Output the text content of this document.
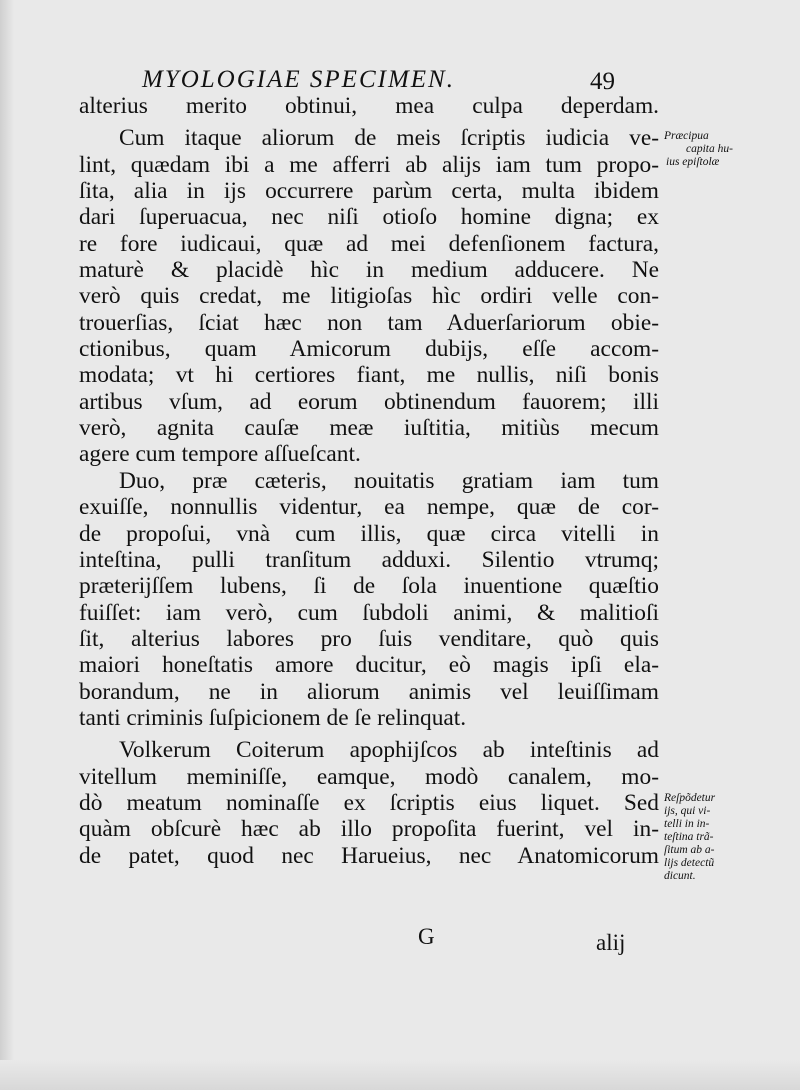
MYOLOGIAE SPECIMEN.	49
alterius merito obtinui, mea culpa deperdam.
Cum itaque aliorum de meis ſcriptis iudicia ve-
lint, quædam ibi a me afferri ab alijs iam tum propo-
ſita, alia in ijs occurrere parùm certa, multa ibidem
dari ſuperuacua, nec niſi otioſo homine digna; ex
re fore iudicaui, quæ ad mei defenſionem factura,
maturè & placidè hìc in medium adducere. Ne
verò quis credat, me litigioſas hìc ordiri velle con-
trouerſias, ſciat hæc non tam Aduerſariorum obie-
ctionibus, quam Amicorum dubijs, eſſe accom-
modata; vt hi certiores fiant, me nullis, niſi bonis
artibus vſum, ad eorum obtinendum fauorem; illi
verò, agnita cauſæ meæ iuſtitia, mitiùs mecum
agere cum tempore aſſueſcant.
Duo, præ cæteris, nouitatis gratiam iam tum
exuiſſe, nonnullis videntur, ea nempe, quæ de cor-
de propoſui, vnà cum illis, quæ circa vitelli in
inteſtina, pulli tranſitum adduxi. Silentio vtrumq;
præterijſſem lubens, ſi de ſola inuentione quæſtio
fuiſſet: iam verò, cum ſubdoli animi, & malitioſi
ſit, alterius labores pro ſuis venditare, quò quis
maiori honeſtatis amore ducitur, eò magis ipſi ela-
borandum, ne in aliorum animis vel leuiſſimam
tanti criminis ſuſpicionem de ſe relinquat.
Volkerum Coiterum apophijſcos ab inteſtinis ad
vitellum meminiſſe, eamque, modò canalem, mo-
dò meatum nominaſſe ex ſcriptis eius liquet. Sed
quàm obſcurè hæc ab illo propoſita fuerint, vel in-
de patet, quod nec Harueius, nec Anatomicorum
Præcipua
capita hu-
ius epiſtolæ
Reſpõdetur
ijs, qui vi-
telli in in-
teſtina trã-
ſitum ab a-
lijs detectũ
dicunt.
G	alij
